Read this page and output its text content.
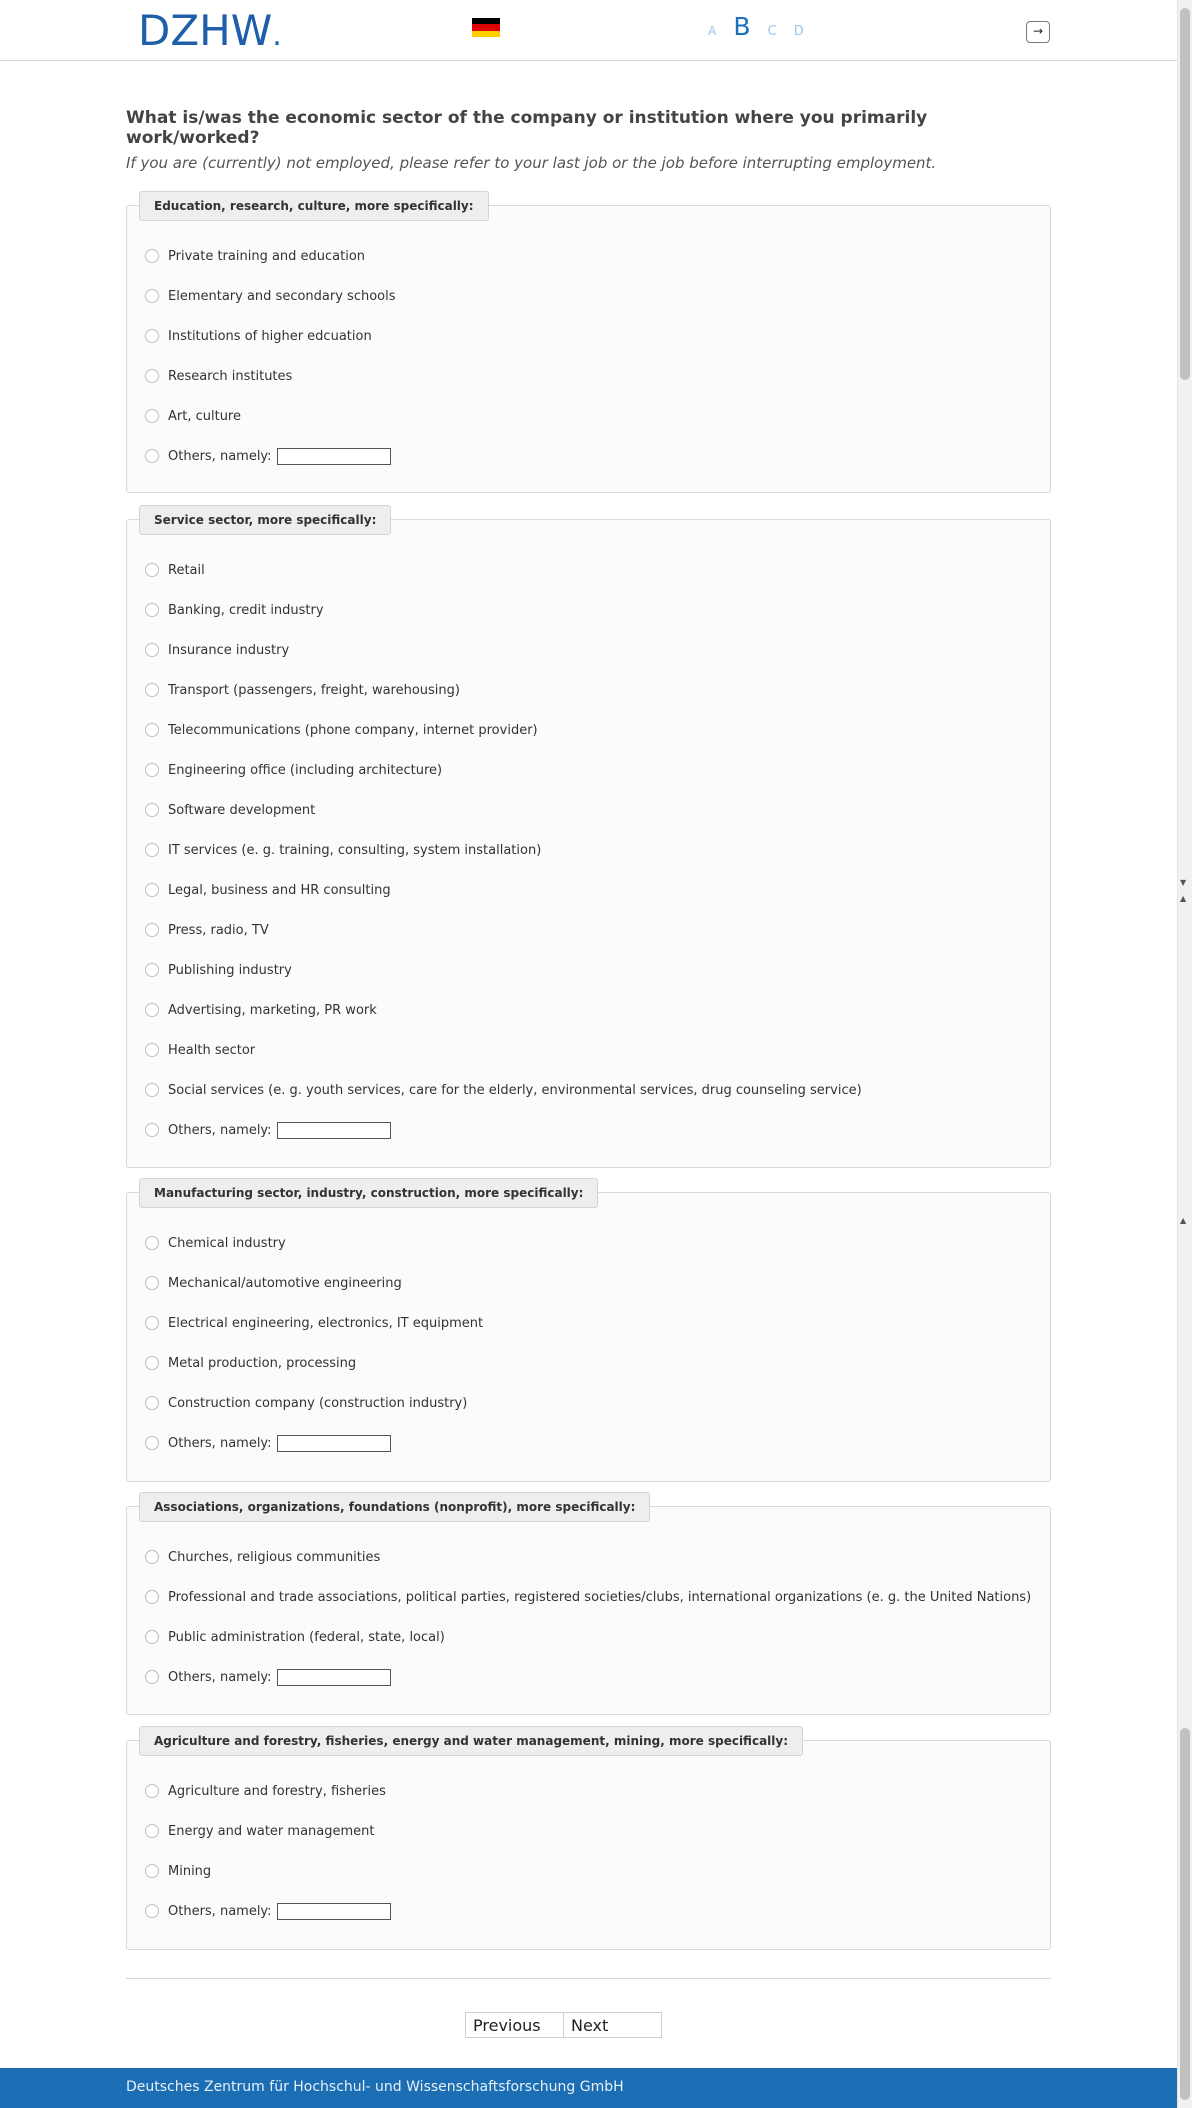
DZHW.	A B C D	→
What is/was the economic sector of the company or institution where you primarily work/worked?
If you are (currently) not employed, please refer to your last job or the job before interrupting employment.
Education, research, culture, more specifically:
Private training and education
Elementary and secondary schools
Institutions of higher edcuation
Research institutes
Art, culture
Others, namely:
Service sector, more specifically:
Retail
Banking, credit industry
Insurance industry
Transport (passengers, freight, warehousing)
Telecommunications (phone company, internet provider)
Engineering office (including architecture)
Software development
IT services (e. g. training, consulting, system installation)
Legal, business and HR consulting
Press, radio, TV
Publishing industry
Advertising, marketing, PR work
Health sector
Social services (e. g. youth services, care for the elderly, environmental services, drug counseling service)
Others, namely:
Manufacturing sector, industry, construction, more specifically:
Chemical industry
Mechanical/automotive engineering
Electrical engineering, electronics, IT equipment
Metal production, processing
Construction company (construction industry)
Others, namely:
Associations, organizations, foundations (nonprofit), more specifically:
Churches, religious communities
Professional and trade associations, political parties, registered societies/clubs, international organizations (e. g. the United Nations)
Public administration (federal, state, local)
Others, namely:
Agriculture and forestry, fisheries, energy and water management, mining, more specifically:
Agriculture and forestry, fisheries
Energy and water management
Mining
Others, namely:
Previous	Next
Deutsches Zentrum für Hochschul- und Wissenschaftsforschung GmbH
▼
▲
▲
